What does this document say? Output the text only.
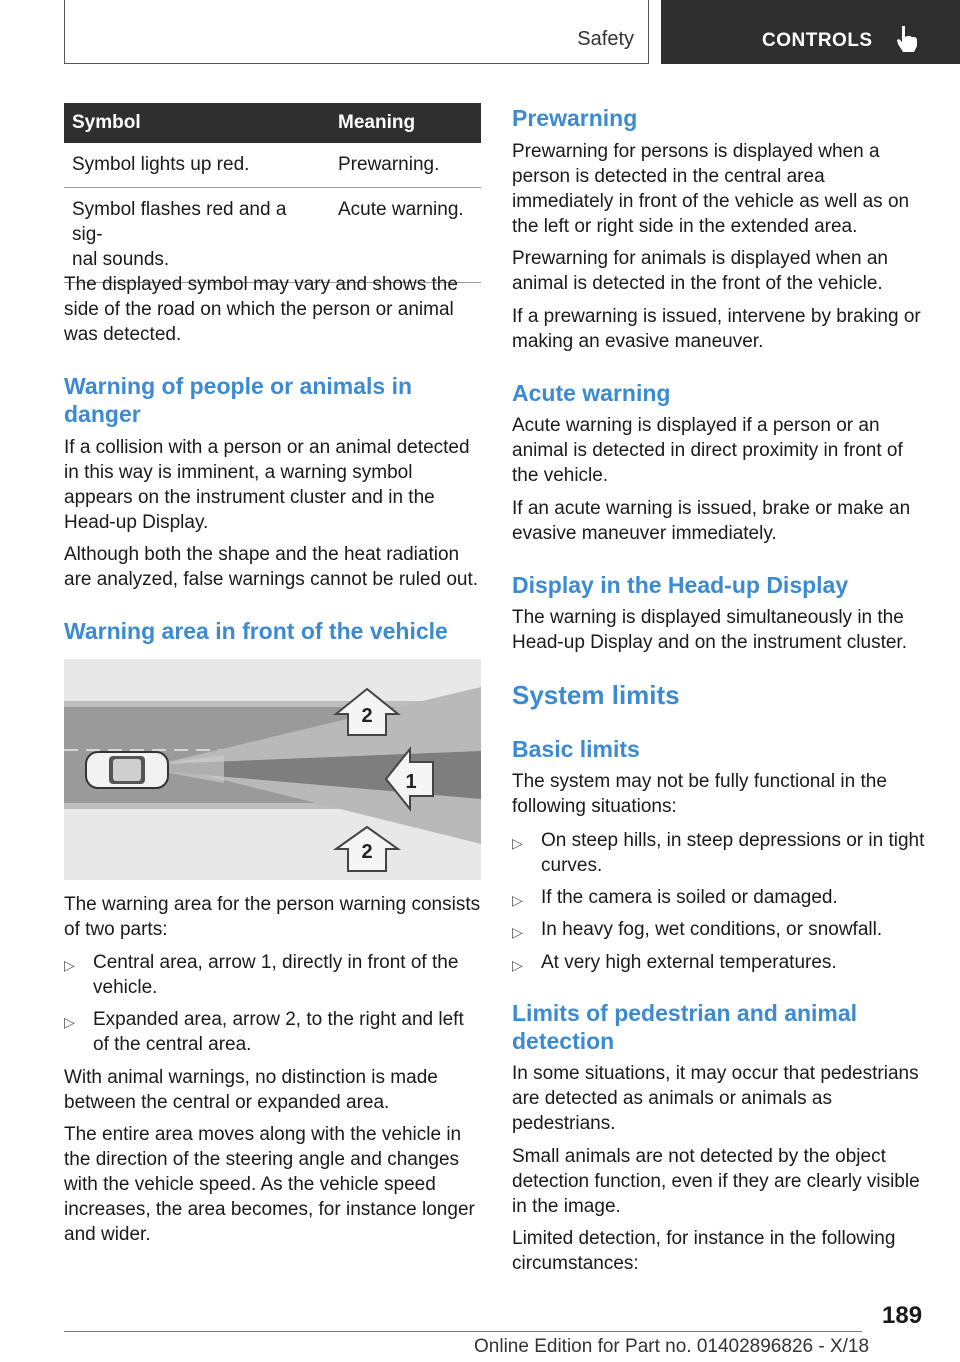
Safety	CONTROLS
Symbol	Meaning
Symbol lights up red.	Prewarning.
Symbol flashes red and a sig-
nal sounds.	Acute warning.

The displayed symbol may vary and shows the side of the road on which the person or animal was detected.

Warning of people or animals in danger

If a collision with a person or an animal detected in this way is imminent, a warning symbol appears on the instrument cluster and in the Head-up Display.

Although both the shape and the heat radiation are analyzed, false warnings cannot be ruled out.

Warning area in front of the vehicle
2
1
2

The warning area for the person warning consists of two parts:

▷ Central area, arrow 1, directly in front of the vehicle.
▷ Expanded area, arrow 2, to the right and left of the central area.

With animal warnings, no distinction is made between the central or expanded area.

The entire area moves along with the vehicle in the direction of the steering angle and changes with the vehicle speed. As the vehicle speed increases, the area becomes, for instance longer and wider.

Prewarning

Prewarning for persons is displayed when a person is detected in the central area immediately in front of the vehicle as well as on the left or right side in the extended area.

Prewarning for animals is displayed when an animal is detected in the front of the vehicle.

If a prewarning is issued, intervene by braking or making an evasive maneuver.

Acute warning

Acute warning is displayed if a person or an animal is detected in direct proximity in front of the vehicle.

If an acute warning is issued, brake or make an evasive maneuver immediately.

Display in the Head-up Display

The warning is displayed simultaneously in the Head-up Display and on the instrument cluster.

System limits
Basic limits

The system may not be fully functional in the following situations:

▷ On steep hills, in steep depressions or in tight curves.
▷ If the camera is soiled or damaged.
▷ In heavy fog, wet conditions, or snowfall.
▷ At very high external temperatures.
Limits of pedestrian and animal detection

In some situations, it may occur that pedestrians are detected as animals or animals as pedestrians.

Small animals are not detected by the object detection function, even if they are clearly visible in the image.

Limited detection, for instance in the following circumstances:

189
Online Edition for Part no. 01402896826 - X/18
